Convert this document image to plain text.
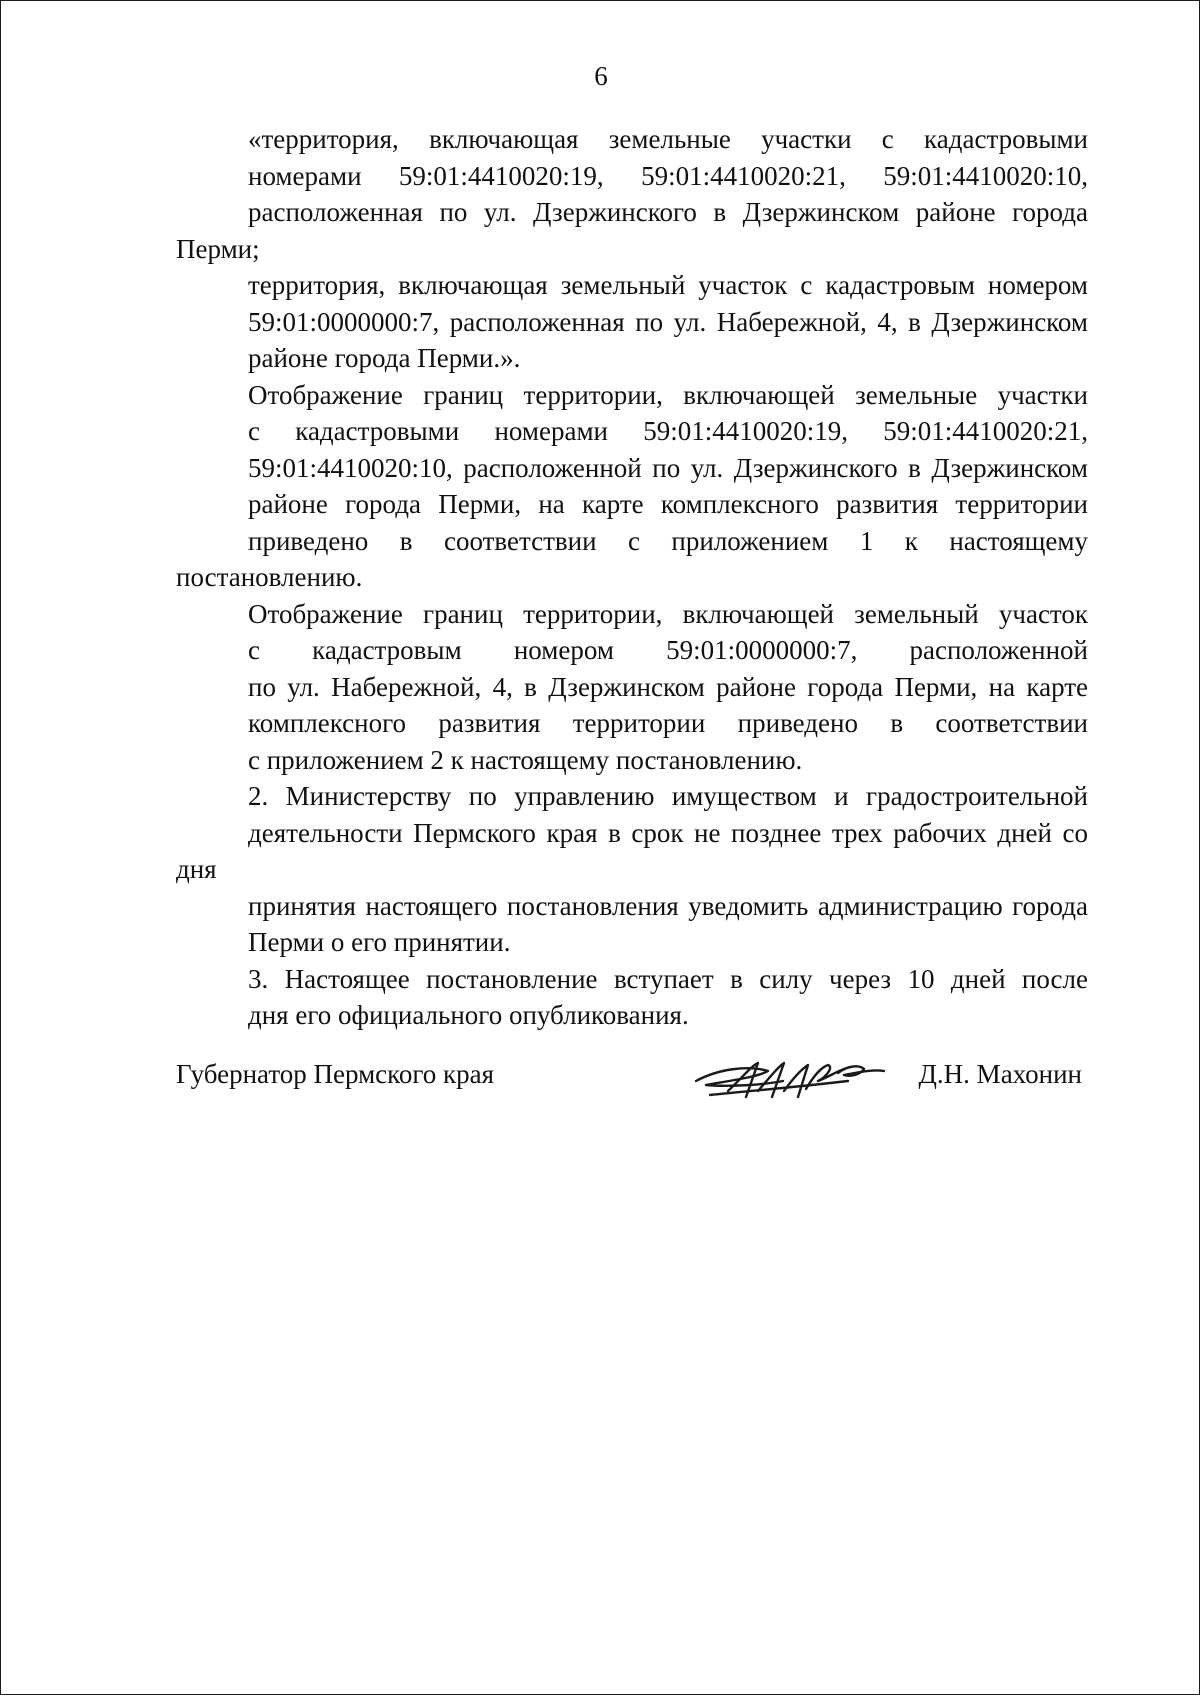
6

«территория, включающая земельные участки с кадастровыми
номерами 59:01:4410020:19, 59:01:4410020:21, 59:01:4410020:10,
расположенная по ул. Дзержинского в Дзержинском районе города Перми;

территория, включающая земельный участок с кадастровым номером
59:01:0000000:7, расположенная по ул. Набережной, 4, в Дзержинском
районе города Перми.».

Отображение границ территории, включающей земельные участки
с кадастровыми номерами 59:01:4410020:19, 59:01:4410020:21,
59:01:4410020:10, расположенной по ул. Дзержинского в Дзержинском
районе города Перми, на карте комплексного развития территории
приведено в соответствии с приложением 1 к настоящему постановлению.

Отображение границ территории, включающей земельный участок
с кадастровым номером 59:01:0000000:7, расположенной
по ул. Набережной, 4, в Дзержинском районе города Перми, на карте
комплексного развития территории приведено в соответствии
с приложением 2 к настоящему постановлению.

2. Министерству по управлению имуществом и градостроительной
деятельности Пермского края в срок не позднее трех рабочих дней со дня
принятия настоящего постановления уведомить администрацию города
Перми о его принятии.

3. Настоящее постановление вступает в силу через 10 дней после
дня его официального опубликования.

Губернатор Пермского края	Д.Н. Махонин
